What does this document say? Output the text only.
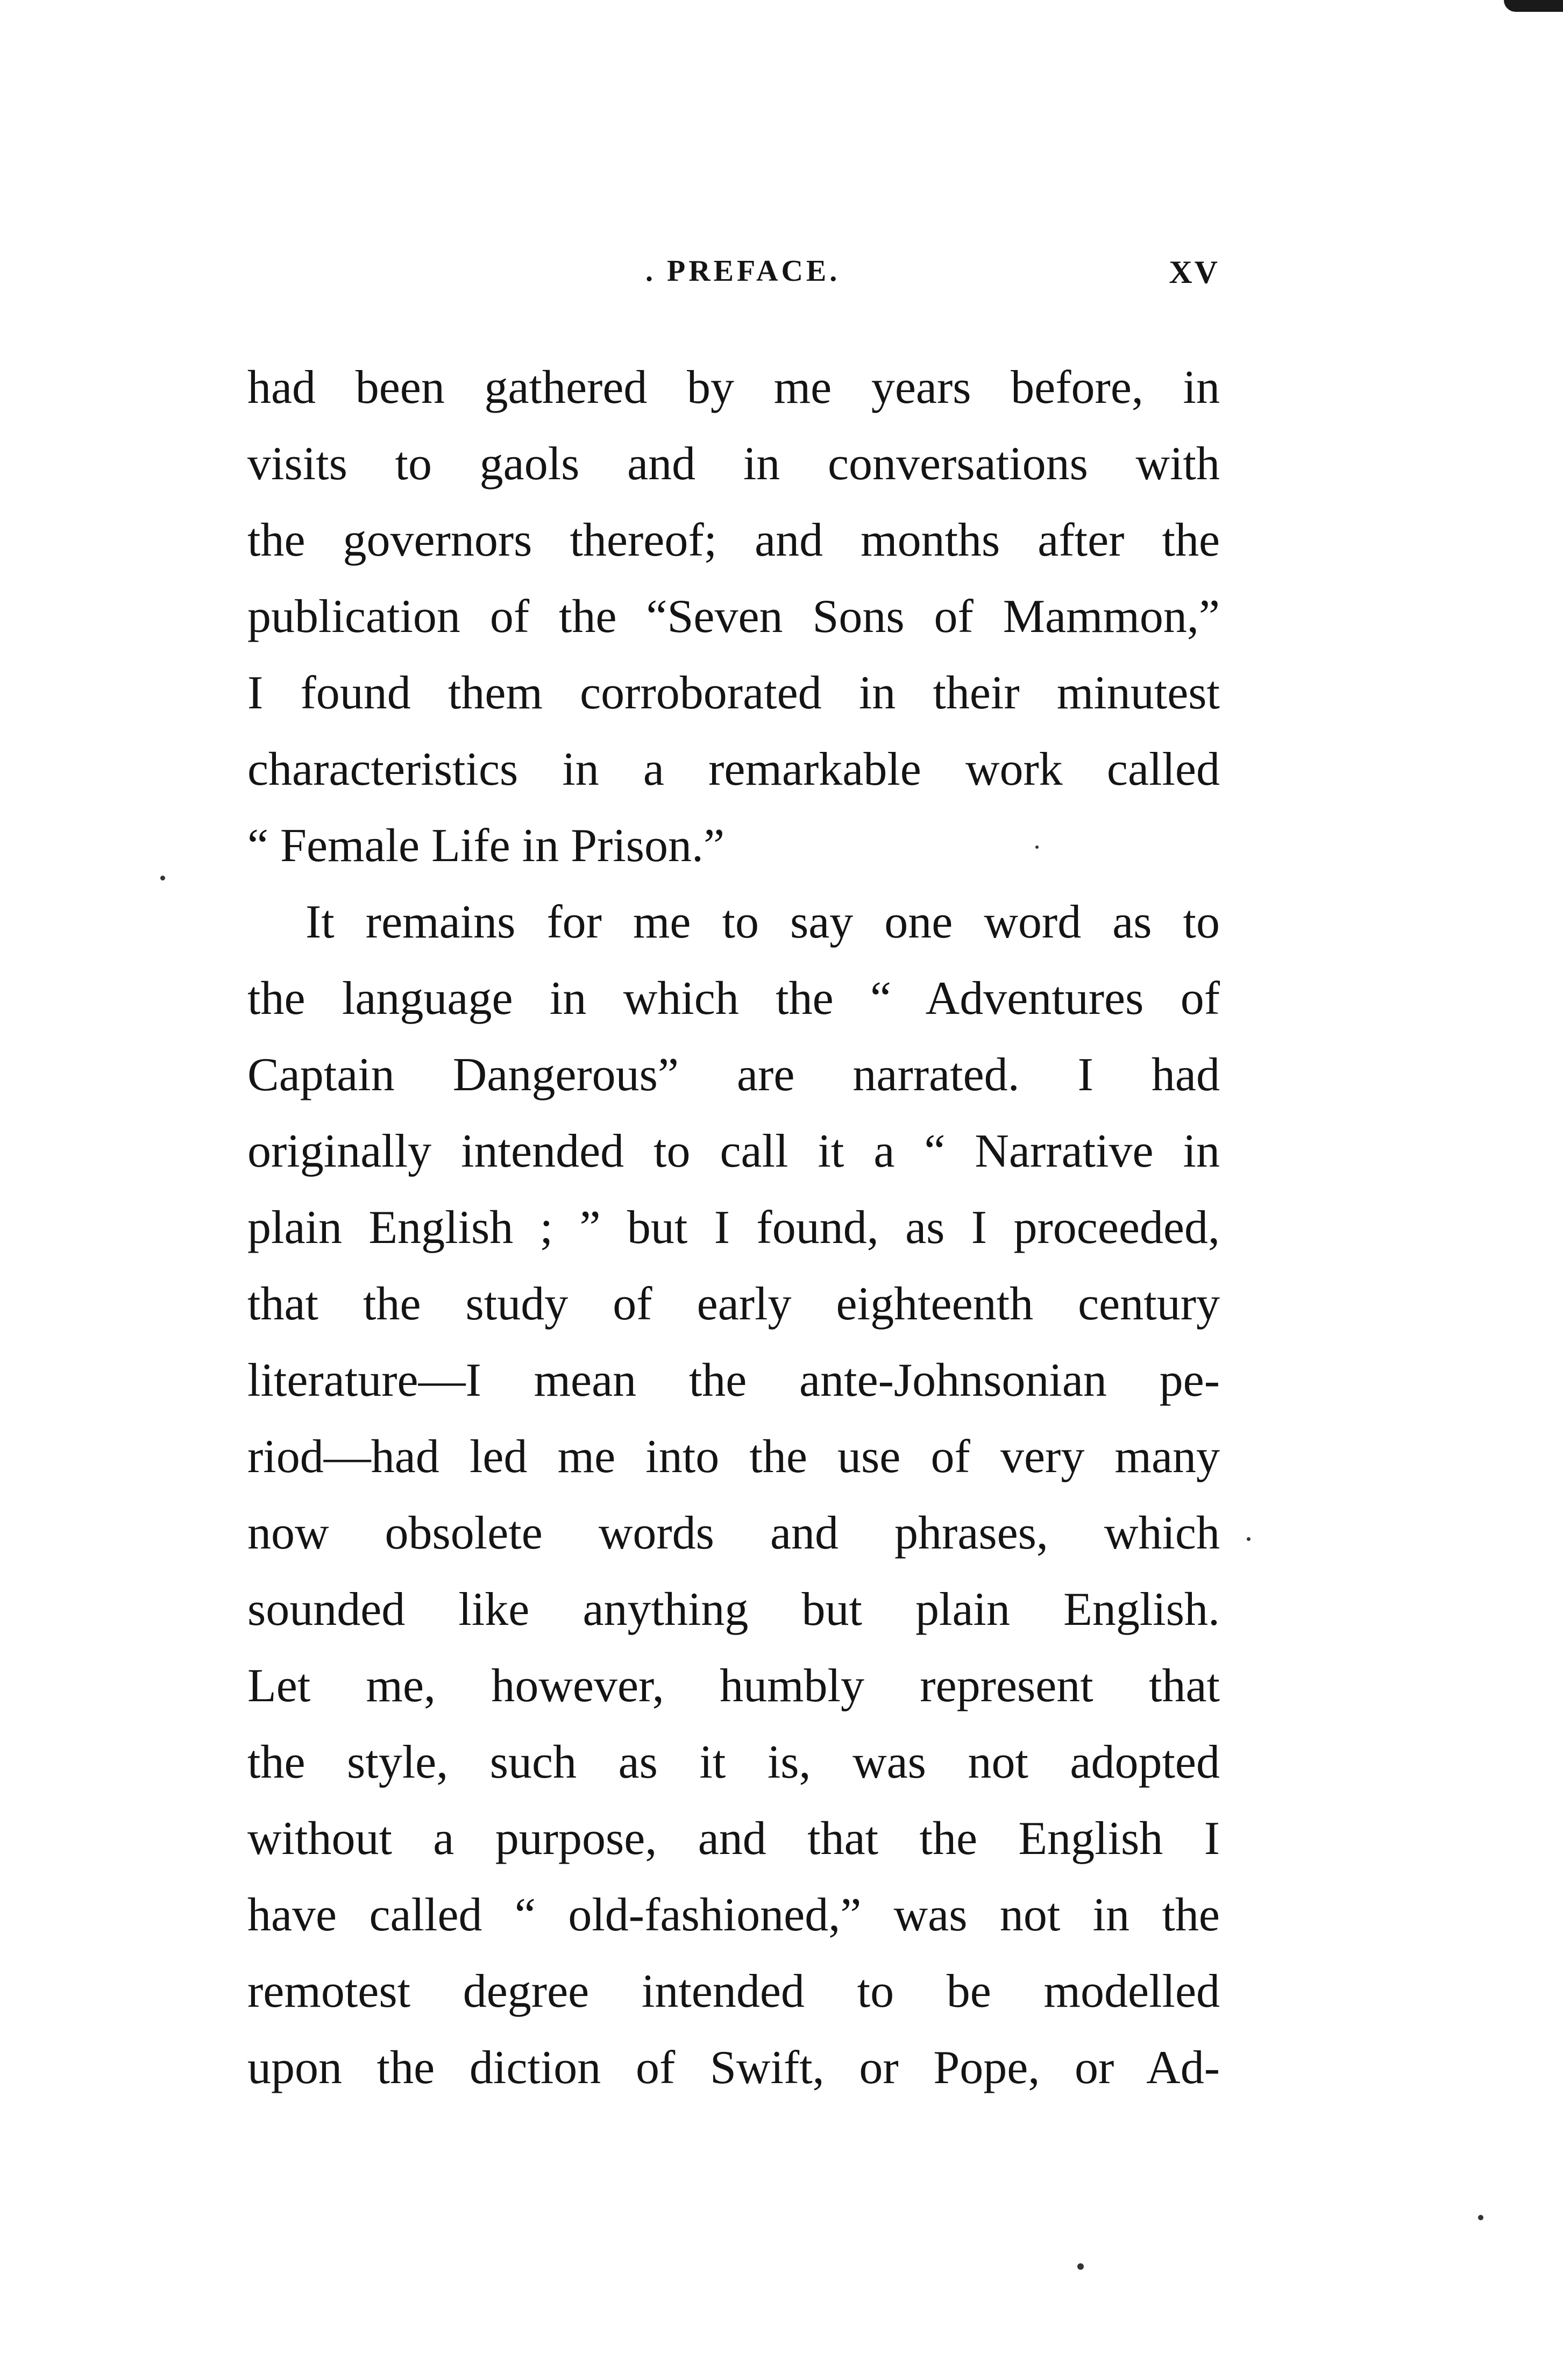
. PREFACE.	XV
had been gathered by me years before, in
visits to gaols and in conversations with
the governors thereof; and months after the
publication of the “Seven Sons of Mammon,”
I found them corroborated in their minutest
characteristics in a remarkable work called
“ Female Life in Prison.”
It remains for me to say one word as to
the language in which the “ Adventures of
Captain Dangerous” are narrated. I had
originally intended to call it a “ Narrative in
plain English ; ” but I found, as I proceeded,
that the study of early eighteenth century
literature—I mean the ante-Johnsonian pe-
riod—had led me into the use of very many
now obsolete words and phrases, which
sounded like anything but plain English.
Let me, however, humbly represent that
the style, such as it is, was not adopted
without a purpose, and that the English I
have called “ old-fashioned,” was not in the
remotest degree intended to be modelled
upon the diction of Swift, or Pope, or Ad-
